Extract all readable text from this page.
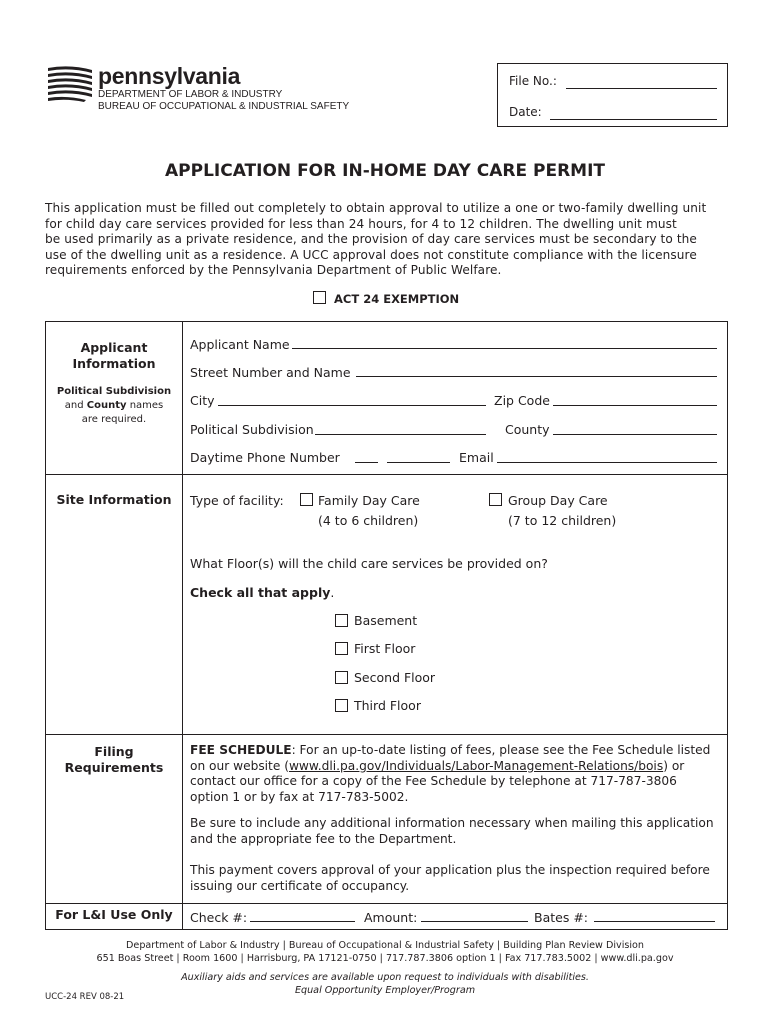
pennsylvania
DEPARTMENT OF LABOR & INDUSTRY
BUREAU OF OCCUPATIONAL & INDUSTRIAL SAFETY
File No.:
Date:
APPLICATION FOR IN-HOME DAY CARE PERMIT
This application must be filled out completely to obtain approval to utilize a one or two-family dwelling unit
for child day care services provided for less than 24 hours, for 4 to 12 children. The dwelling unit must
be used primarily as a private residence, and the provision of day care services must be secondary to the
use of the dwelling unit as a residence. A UCC approval does not constitute compliance with the licensure
requirements enforced by the Pennsylvania Department of Public Welfare.
ACT 24 EXEMPTION
Applicant
Information
Political Subdivision
and County names
are required.
Applicant Name
Street Number and Name
City	Zip Code
Political Subdivision	County
Daytime Phone Number	Email
Site Information	Type of facility:	Family Day Care
(4 to 6 children)
Group Day Care
(7 to 12 children)
What Floor(s) will the child care services be provided on?
Check all that apply.
Basement
First Floor
Second Floor
Third Floor
Filing
Requirements
FEE SCHEDULE: For an up-to-date listing of fees, please see the Fee Schedule listed
on our website (www.dli.pa.gov/Individuals/Labor-Management-Relations/bois) or
contact our office for a copy of the Fee Schedule by telephone at 717-787-3806
option 1 or by fax at 717-783-5002.
Be sure to include any additional information necessary when mailing this application
and the appropriate fee to the Department.
This payment covers approval of your application plus the inspection required before
issuing our certificate of occupancy.
For L&I Use Only	Check #:	Amount:	Bates #:
Department of Labor & Industry | Bureau of Occupational & Industrial Safety | Building Plan Review Division
651 Boas Street | Room 1600 | Harrisburg, PA 17121-0750 | 717.787.3806 option 1 | Fax 717.783.5002 | www.dli.pa.gov
Auxiliary aids and services are available upon request to individuals with disabilities.
Equal Opportunity Employer/Program
UCC-24 REV 08-21
